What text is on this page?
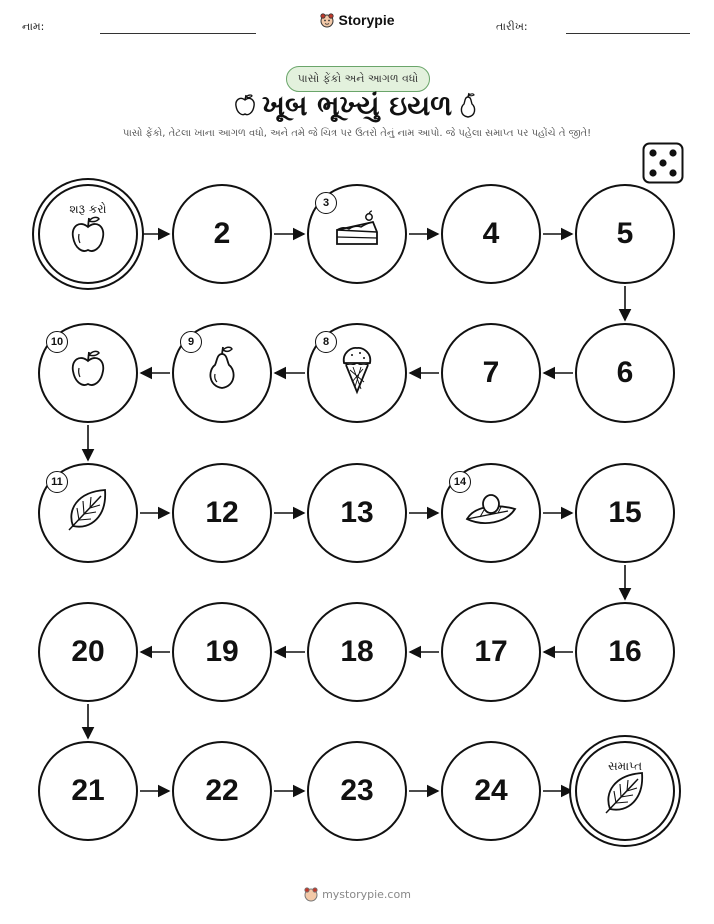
નામ:	Storypie	તારીખ:
પાસો ફેંકો અને આગળ વધો
ખૂબ ભૂખ્યું ઇયળ
પાસો ફેંકો, તેટલા ખાના આગળ વધો, અને તમે જે ચિત્ર પર ઉતરો તેનું નામ આપો. જે પહેલા સમાપ્ત પર પહોંચે તે જીતે!
શરૂ કરો
2
3
4	5
6
7
8
9
10
11
12	13
14
15
16
17
18
19
20
21	22	23	24
સમાપ્ત
mystorypie.com
